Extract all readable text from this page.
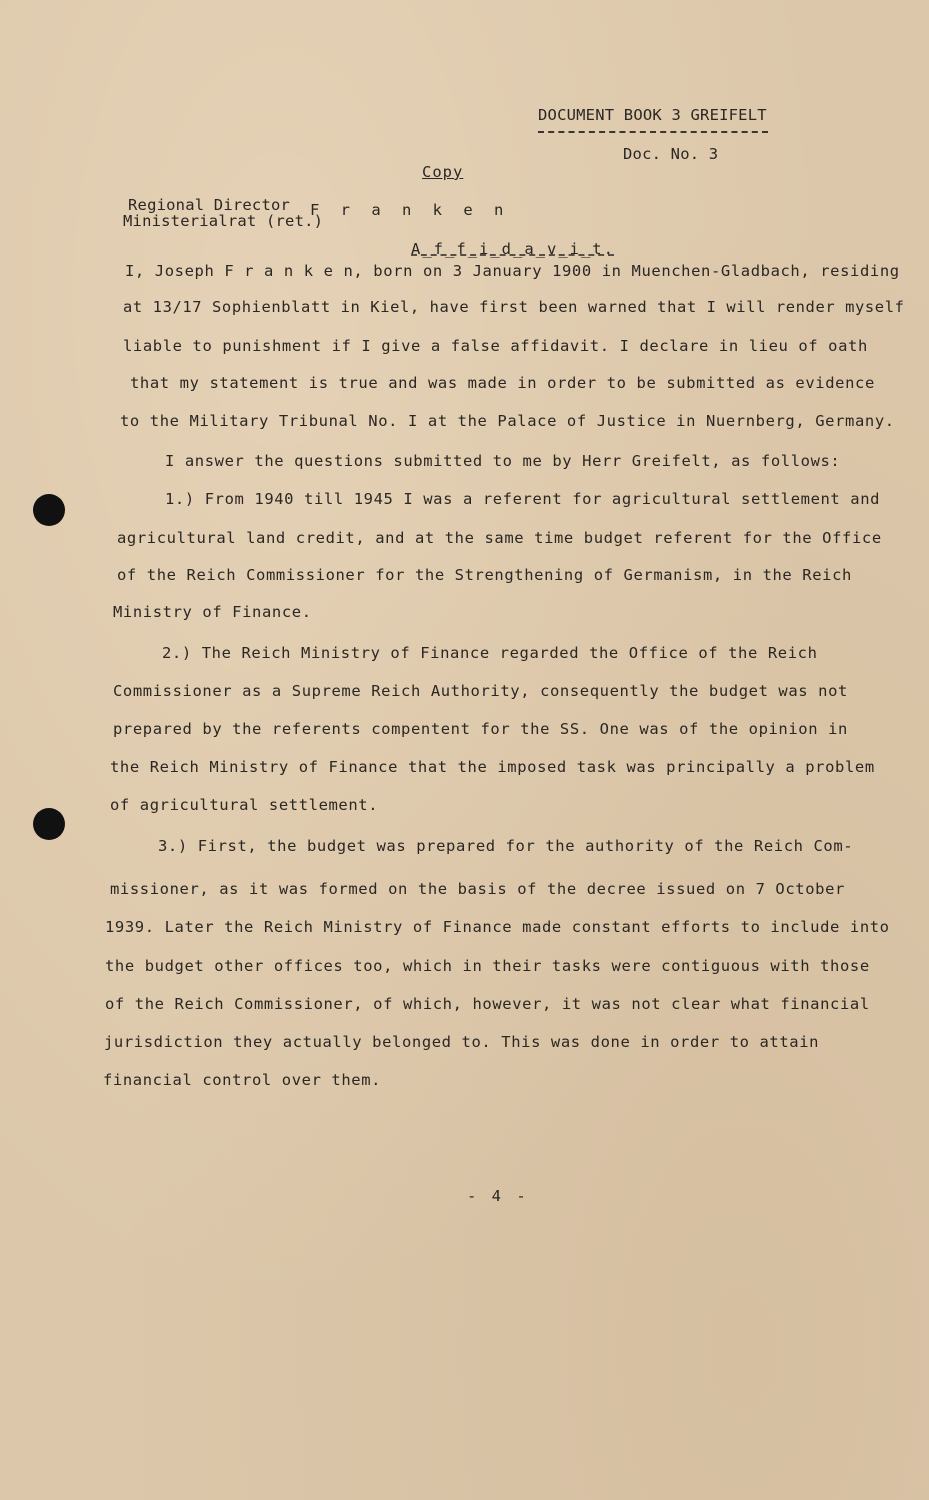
DOCUMENT BOOK 3 GREIFELT
Doc. No. 3
Copy
Regional Director
Ministerialrat (ret.)
F r a n k e n
A_f_f_i_d_a_v_i_t.
I, Joseph F r a n k e n, born on 3 January 1900 in Muenchen-Gladbach, residing
at 13/17 Sophienblatt in Kiel, have first been warned that I will render myself
liable to punishment if I give a false affidavit. I declare in lieu of oath
that my statement is true and was made in order to be submitted as evidence
to the Military Tribunal No. I at the Palace of Justice in Nuernberg, Germany.
I answer the questions submitted to me by Herr Greifelt, as follows:
1.) From 1940 till 1945 I was a referent for agricultural settlement and
agricultural land credit, and at the same time budget referent for the Office
of the Reich Commissioner for the Strengthening of Germanism, in the Reich
Ministry of Finance.
2.) The Reich Ministry of Finance regarded the Office of the Reich
Commissioner as a Supreme Reich Authority, consequently the budget was not
prepared by the referents compentent for the SS. One was of the opinion in
the Reich Ministry of Finance that the imposed task was principally a problem
of agricultural settlement.
3.) First, the budget was prepared for the authority of the Reich Com-
missioner, as it was formed on the basis of the decree issued on 7 October
1939. Later the Reich Ministry of Finance made constant efforts to include into
the budget other offices too, which in their tasks were contiguous with those
of the Reich Commissioner, of which, however, it was not clear what financial
jurisdiction they actually belonged to. This was done in order to attain
financial control over them.
- 4 -
